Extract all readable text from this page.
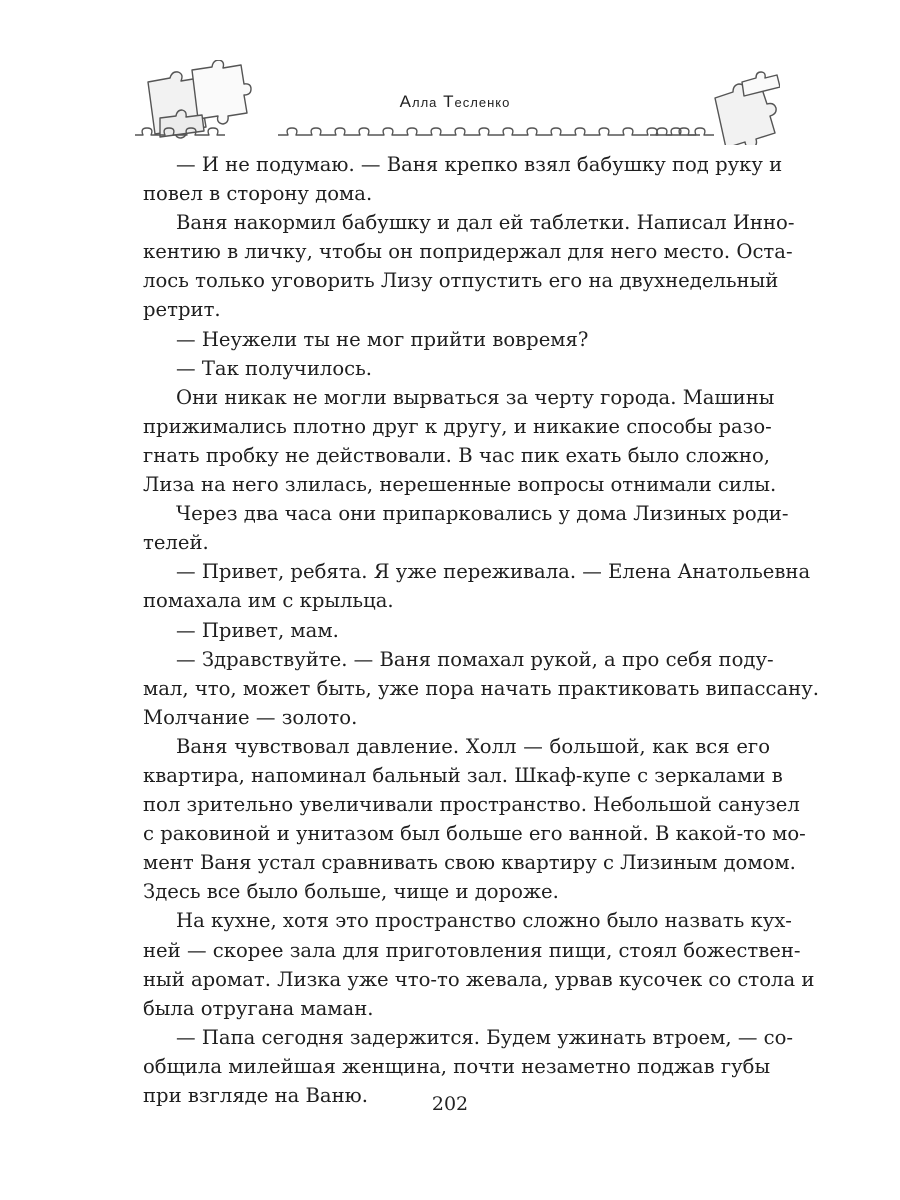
Алла Тесленко
— И не подумаю. — Ваня крепко взял бабушку под руку и
повел в сторону дома.
Ваня накормил бабушку и дал ей таблетки. Написал Инно-
кентию в личку, чтобы он попридержал для него место. Оста-
лось только уговорить Лизу отпустить его на двухнедельный
ретрит.
— Неужели ты не мог прийти вовремя?
— Так получилось.
Они никак не могли вырваться за черту города. Машины
прижимались плотно друг к другу, и никакие способы разо-
гнать пробку не действовали. В час пик ехать было сложно,
Лиза на него злилась, нерешенные вопросы отнимали силы.
Через два часа они припарковались у дома Лизиных роди-
телей.
— Привет, ребята. Я уже переживала. — Елена Анатольевна
помахала им с крыльца.
— Привет, мам.
— Здравствуйте. — Ваня помахал рукой, а про себя поду-
мал, что, может быть, уже пора начать практиковать випассану.
Молчание — золото.
Ваня чувствовал давление. Холл — большой, как вся его
квартира, напоминал бальный зал. Шкаф-купе с зеркалами в
пол зрительно увеличивали пространство. Небольшой санузел
с раковиной и унитазом был больше его ванной. В какой-то мо-
мент Ваня устал сравнивать свою квартиру с Лизиным домом.
Здесь все было больше, чище и дороже.
На кухне, хотя это пространство сложно было назвать кух-
ней — скорее зала для приготовления пищи, стоял божествен-
ный аромат. Лизка уже что-то жевала, урвав кусочек со стола и
была отругана маман.
— Папа сегодня задержится. Будем ужинать втроем, — со-
общила милейшая женщина, почти незаметно поджав губы
при взгляде на Ваню.	202
